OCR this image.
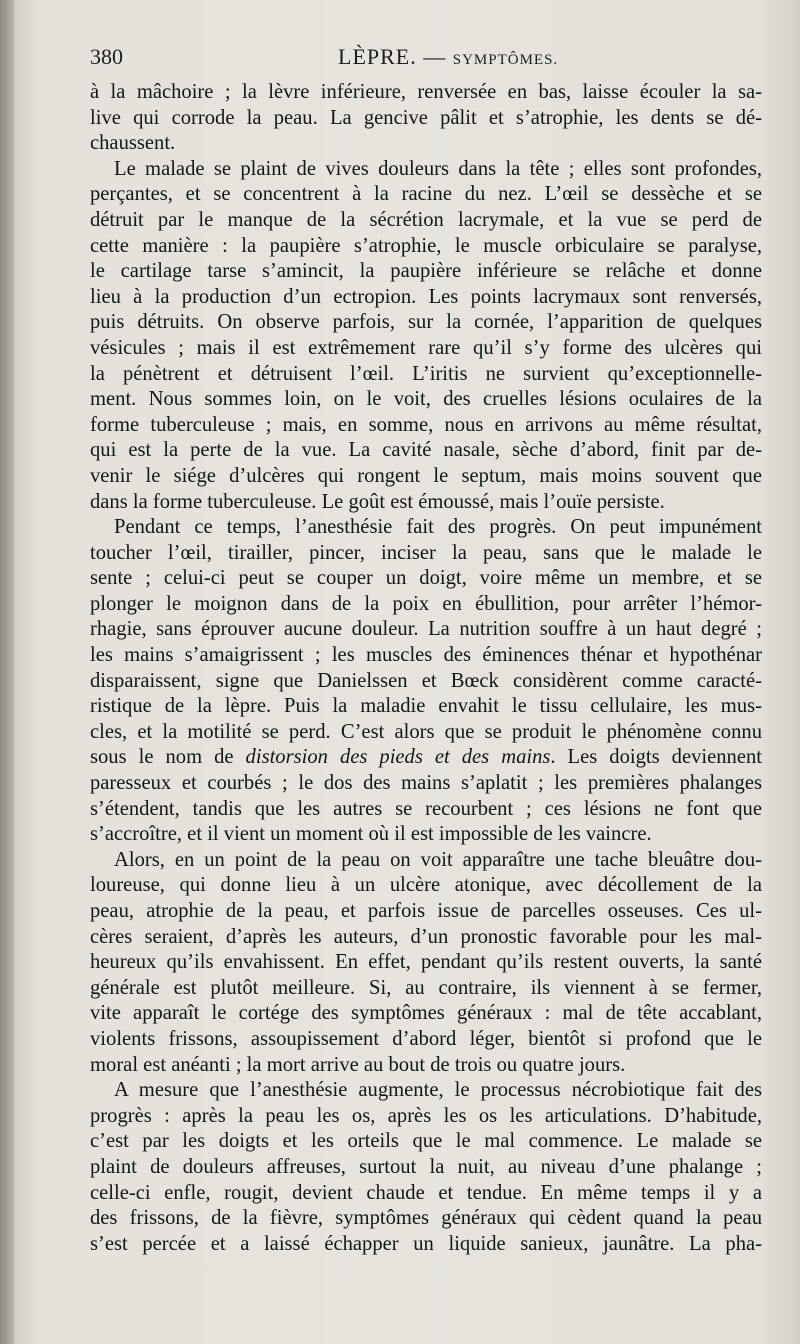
380	LÈPRE. — SYMPTÔMES.
à la mâchoire ; la lèvre inférieure, renversée en bas, laisse écouler la sa-
live qui corrode la peau. La gencive pâlit et s’atrophie, les dents se dé-
chaussent.
Le malade se plaint de vives douleurs dans la tête ; elles sont profondes,
perçantes, et se concentrent à la racine du nez. L’œil se dessèche et se
détruit par le manque de la sécrétion lacrymale, et la vue se perd de
cette manière : la paupière s’atrophie, le muscle orbiculaire se paralyse,
le cartilage tarse s’amincit, la paupière inférieure se relâche et donne
lieu à la production d’un ectropion. Les points lacrymaux sont renversés,
puis détruits. On observe parfois, sur la cornée, l’apparition de quelques
vésicules ; mais il est extrêmement rare qu’il s’y forme des ulcères qui
la pénètrent et détruisent l’œil. L’iritis ne survient qu’exceptionnelle-
ment. Nous sommes loin, on le voit, des cruelles lésions oculaires de la
forme tuberculeuse ; mais, en somme, nous en arrivons au même résultat,
qui est la perte de la vue. La cavité nasale, sèche d’abord, finit par de-
venir le siége d’ulcères qui rongent le septum, mais moins souvent que
dans la forme tuberculeuse. Le goût est émoussé, mais l’ouïe persiste.
Pendant ce temps, l’anesthésie fait des progrès. On peut impunément
toucher l’œil, tirailler, pincer, inciser la peau, sans que le malade le
sente ; celui-ci peut se couper un doigt, voire même un membre, et se
plonger le moignon dans de la poix en ébullition, pour arrêter l’hémor-
rhagie, sans éprouver aucune douleur. La nutrition souffre à un haut degré ;
les mains s’amaigrissent ; les muscles des éminences thénar et hypothénar
disparaissent, signe que Danielssen et Bœck considèrent comme caracté-
ristique de la lèpre. Puis la maladie envahit le tissu cellulaire, les mus-
cles, et la motilité se perd. C’est alors que se produit le phénomène connu
sous le nom de distorsion des pieds et des mains. Les doigts deviennent
paresseux et courbés ; le dos des mains s’aplatit ; les premières phalanges
s’étendent, tandis que les autres se recourbent ; ces lésions ne font que
s’accroître, et il vient un moment où il est impossible de les vaincre.
Alors, en un point de la peau on voit apparaître une tache bleuâtre dou-
loureuse, qui donne lieu à un ulcère atonique, avec décollement de la
peau, atrophie de la peau, et parfois issue de parcelles osseuses. Ces ul-
cères seraient, d’après les auteurs, d’un pronostic favorable pour les mal-
heureux qu’ils envahissent. En effet, pendant qu’ils restent ouverts, la santé
générale est plutôt meilleure. Si, au contraire, ils viennent à se fermer,
vite apparaît le cortége des symptômes généraux : mal de tête accablant,
violents frissons, assoupissement d’abord léger, bientôt si profond que le
moral est anéanti ; la mort arrive au bout de trois ou quatre jours.
A mesure que l’anesthésie augmente, le processus nécrobiotique fait des
progrès : après la peau les os, après les os les articulations. D’habitude,
c’est par les doigts et les orteils que le mal commence. Le malade se
plaint de douleurs affreuses, surtout la nuit, au niveau d’une phalange ;
celle-ci enfle, rougit, devient chaude et tendue. En même temps il y a
des frissons, de la fièvre, symptômes généraux qui cèdent quand la peau
s’est percée et a laissé échapper un liquide sanieux, jaunâtre. La pha-
